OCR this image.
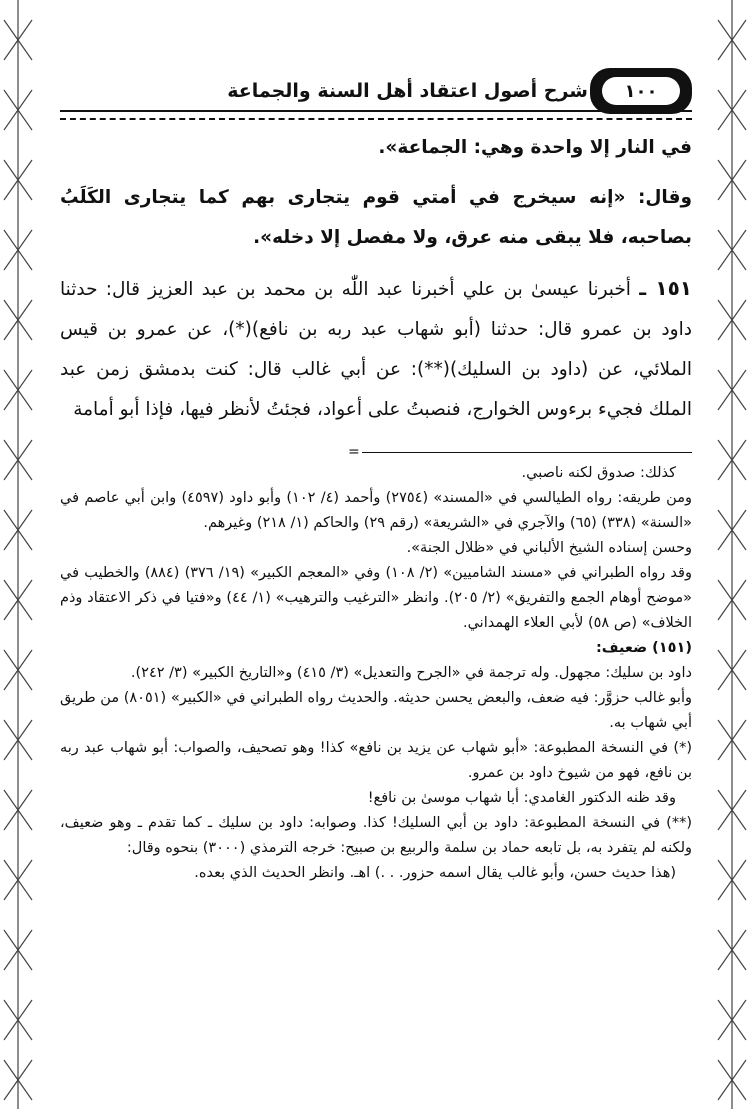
١٠٠
شرح أصول اعتقاد أهل السنة والجماعة

في النار إلا واحدة وهي: الجماعة».

وقال: «إنه سيخرج في أمتي قوم يتجارى بهم كما يتجارى الكَلَبُ بصاحبه، فلا يبقى منه عرق، ولا مفصل إلا دخله».

١٥١ ـ أخبرنا عيسىٰ بن علي أخبرنا عبد اللّٰه بن محمد بن عبد العزيز قال: حدثنا داود بن عمرو قال: حدثنا (أبو شهاب عبد ربه بن نافع)(*)، عن عمرو بن قيس الملائي، عن (داود بن السليك)(**): عن أبي غالب قال: كنت بدمشق زمن عبد الملك فجيء برءوس الخوارج، فنصبتُ على أعواد، فجئتُ لأنظر فيها، فإذا أبو أمامة

=

كذلك: صدوق لكنه ناصبي.

ومن طريقه: رواه الطيالسي في «المسند» (٢٧٥٤) وأحمد (٤/ ١٠٢) وأبو داود (٤٥٩٧) وابن أبي عاصم في «السنة» (٣٣٨) (٦٥) والآجري في «الشريعة» (رقم ٢٩) والحاكم (١/ ٢١٨) وغيرهم.

وحسن إسناده الشيخ الألباني في «ظلال الجنة».

وقد رواه الطبراني في «مسند الشاميين» (٢/ ١٠٨) وفي «المعجم الكبير» (١٩/ ٣٧٦) (٨٨٤) والخطيب في «موضح أوهام الجمع والتفريق» (٢/ ٢٠٥). وانظر «الترغيب والترهيب» (١/ ٤٤) و«فتيا في ذكر الاعتقاد وذم الخلاف» (ص ٥٨) لأبي العلاء الهمداني.

(١٥١) ضعيف:

داود بن سليك: مجهول. وله ترجمة في «الجرح والتعديل» (٣/ ٤١٥) و«التاريخ الكبير» (٣/ ٢٤٢).

وأبو غالب حزوَّر: فيه ضعف، والبعض يحسن حديثه. والحديث رواه الطبراني في «الكبير» (٨٠٥١) من طريق أبي شهاب به.

(*) في النسخة المطبوعة: «أبو شهاب عن يزيد بن نافع» كذا! وهو تصحيف، والصواب: أبو شهاب عبد ربه بن نافع، فهو من شيوخ داود بن عمرو.

وقد ظنه الدكتور الغامدي: أبا شهاب موسىٰ بن نافع!

(**) في النسخة المطبوعة: داود بن أبي السليك! كذا. وصوابه: داود بن سليك ـ كما تقدم ـ وهو ضعيف، ولكنه لم يتفرد به، بل تابعه حماد بن سلمة والربيع بن صبيح: خرجه الترمذي (٣٠٠٠) بنحوه وقال:

(هذا حديث حسن، وأبو غالب يقال اسمه حزور. . .) اهـ. وانظر الحديث الذي بعده.
